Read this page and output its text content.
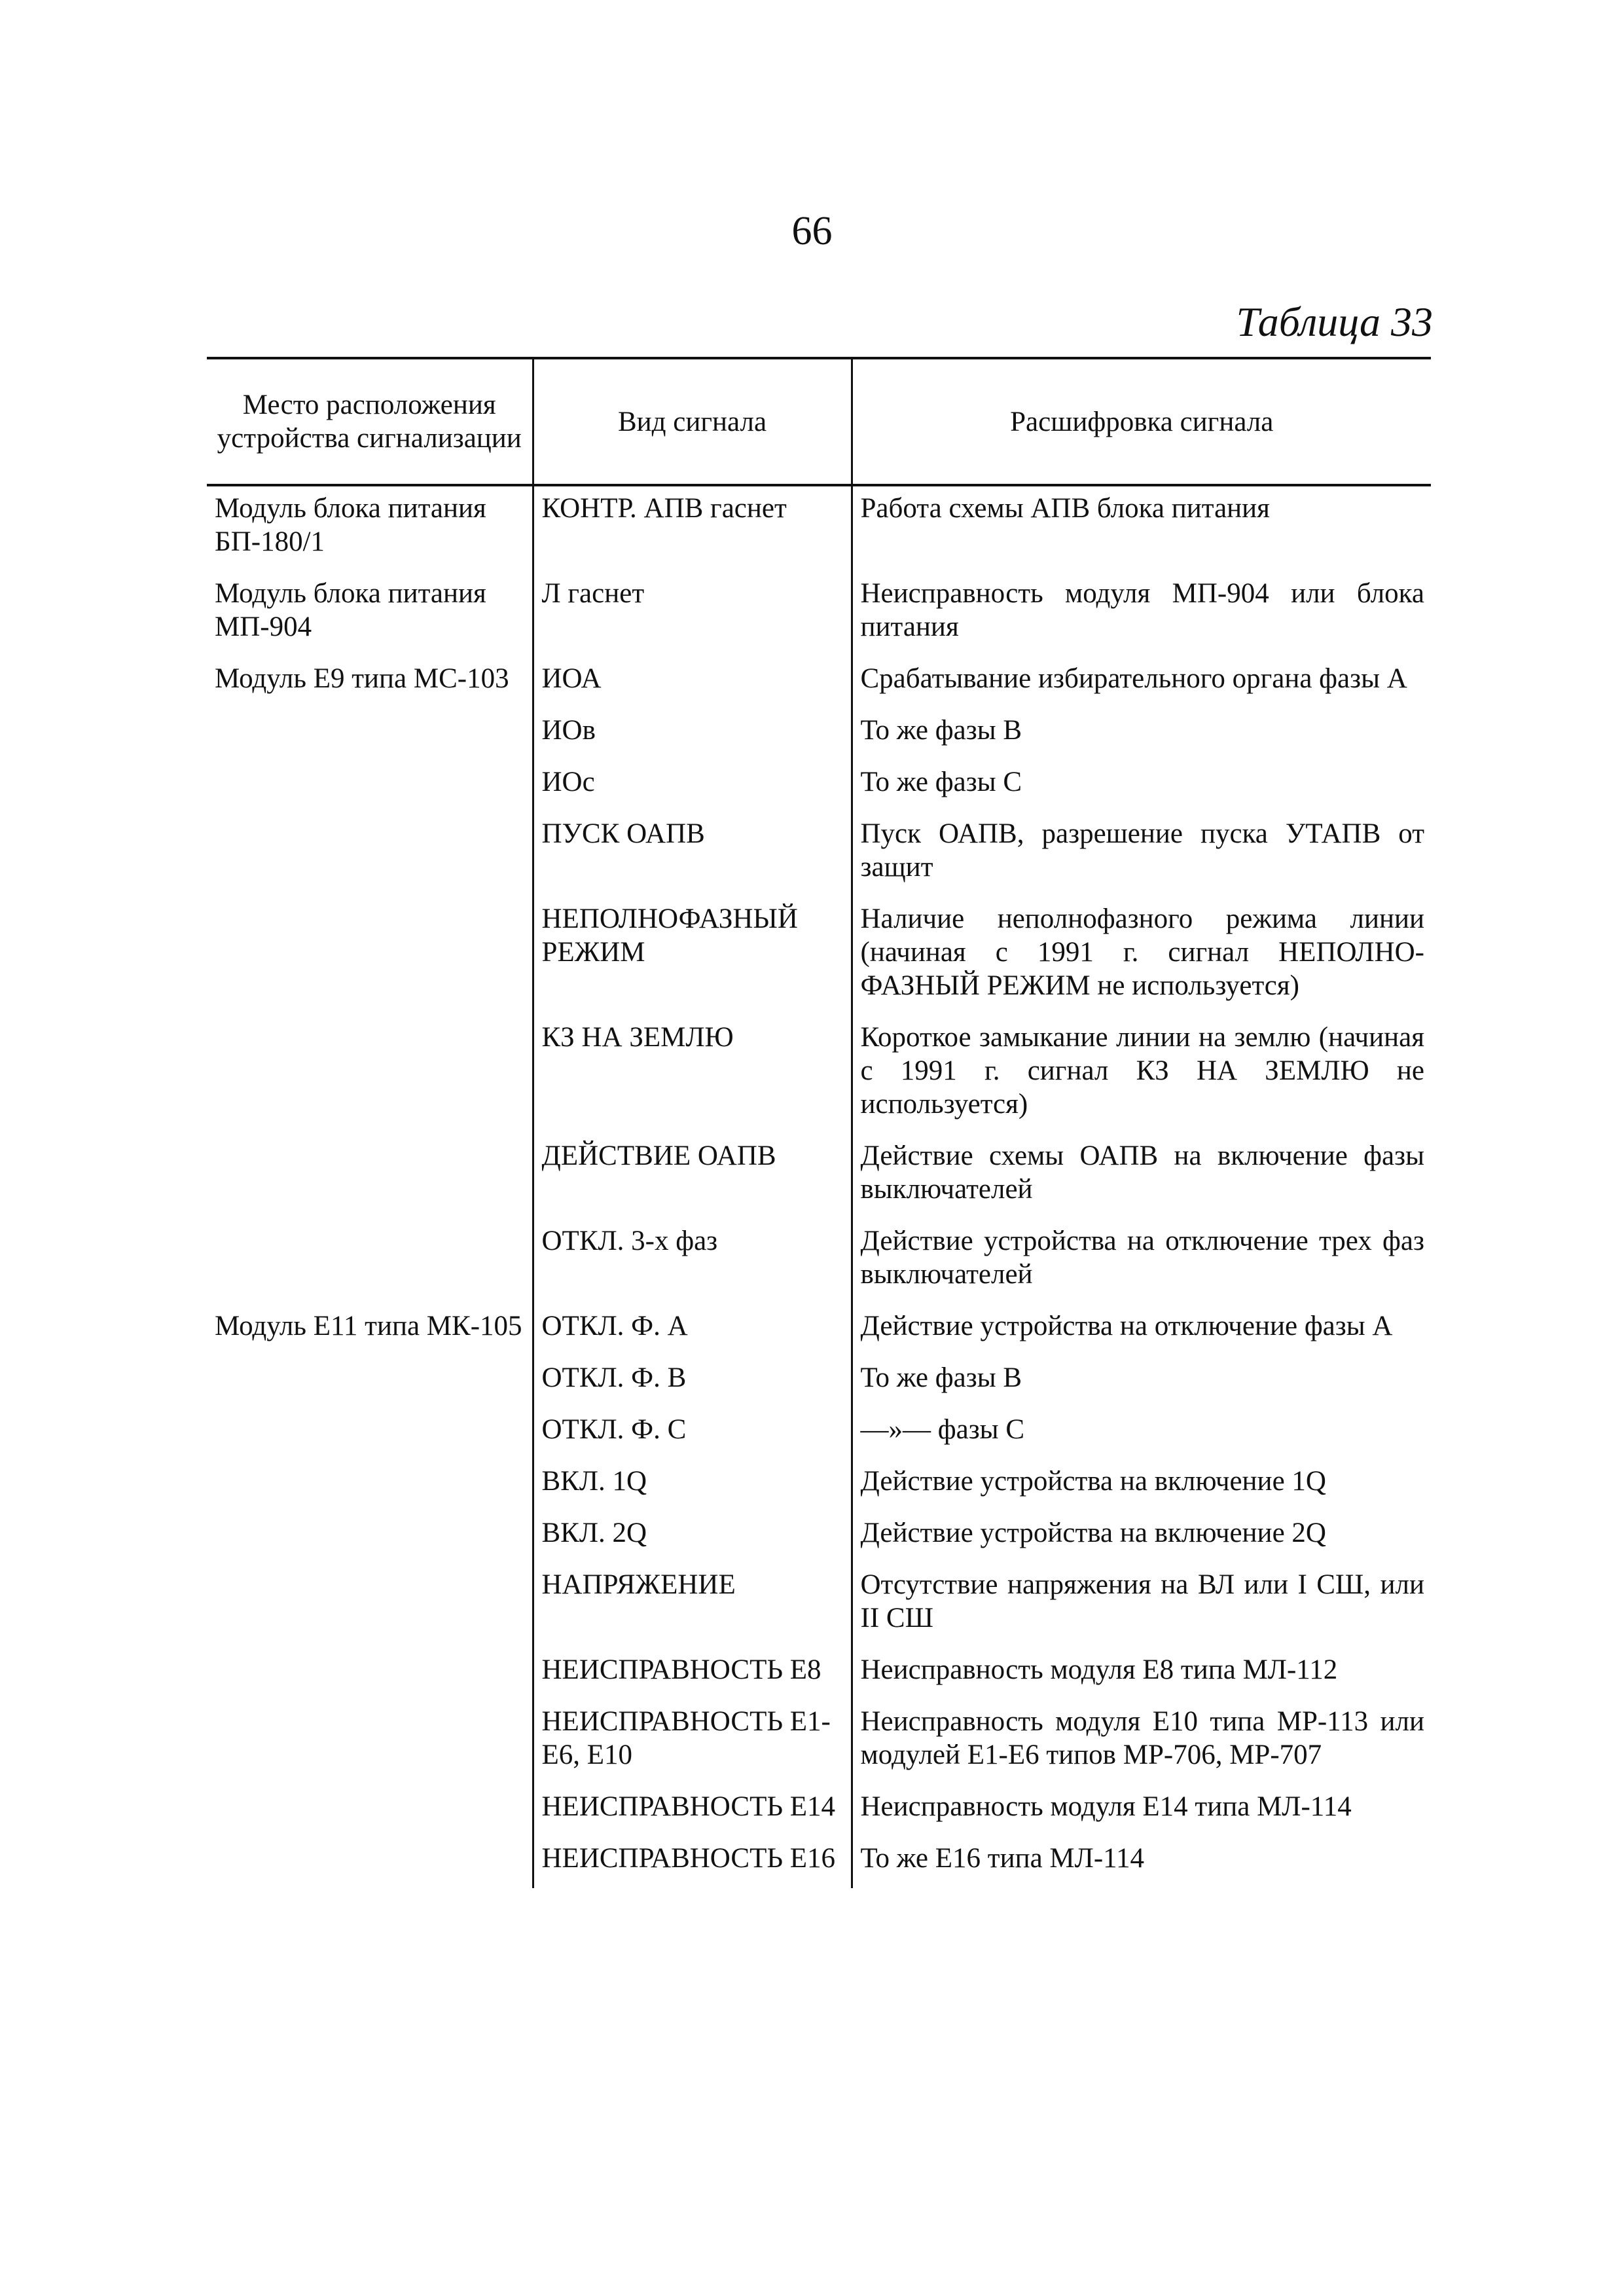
66
Таблица 33
Место расположения устройства сигнализации	Вид сигнала	Расшифровка сигнала
Модуль блока питания БП-180/1	КОНТР. АПВ гаснет	Работа схемы АПВ блока питания
Модуль блока питания МП-904	Л гаснет	Неисправность модуля МП-904 или блока питания
Модуль Е9 типа МС-103	ИОА	Срабатывание избирательного органа фазы А
	ИОв	То же фазы В
	ИОс	То же фазы С
	ПУСК ОАПВ	Пуск ОАПВ, разрешение пуска УТАПВ от защит
	НЕПОЛНОФАЗНЫЙ РЕЖИМ	Наличие неполнофазного режима линии (начиная с 1991 г. сигнал НЕПОЛНО-ФАЗНЫЙ РЕЖИМ не используется)
	КЗ НА ЗЕМЛЮ	Короткое замыкание линии на землю (начиная с 1991 г. сигнал КЗ НА ЗЕМЛЮ не используется)
	ДЕЙСТВИЕ ОАПВ	Действие схемы ОАПВ на включение фазы выключателей
	ОТКЛ. 3-х фаз	Действие устройства на отключение трех фаз выключателей
Модуль Е11 типа МК-105	ОТКЛ. Ф. А	Действие устройства на отключение фазы А
	ОТКЛ. Ф. В	То же фазы В
	ОТКЛ. Ф. С	—»— фазы С
	ВКЛ. 1Q	Действие устройства на включение 1Q
	ВКЛ. 2Q	Действие устройства на включение 2Q
	НАПРЯЖЕНИЕ	Отсутствие напряжения на ВЛ или I СШ, или II СШ
	НЕИСПРАВНОСТЬ Е8	Неисправность модуля Е8 типа МЛ-112
	НЕИСПРАВНОСТЬ Е1-Е6, Е10	Неисправность модуля Е10 типа МР-113 или модулей Е1-Е6 типов МР-706, МР-707
	НЕИСПРАВНОСТЬ Е14	Неисправность модуля Е14 типа МЛ-114
	НЕИСПРАВНОСТЬ Е16	То же Е16 типа МЛ-114
